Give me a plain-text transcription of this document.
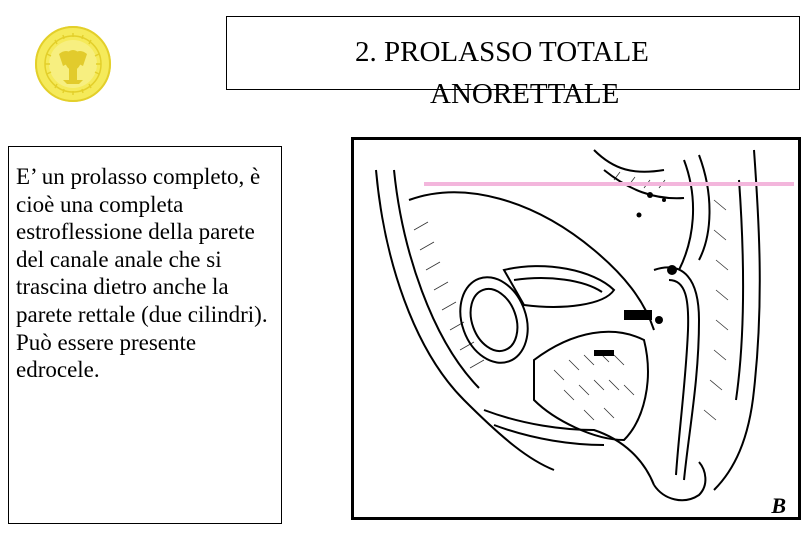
2. PROLASSO TOTALE
ANORETTALE
E’ un prolasso completo, è cioè una completa estroflessione della parete del canale anale che si trascina dietro anche la parete rettale (due cilindri). Può essere presente edrocele.
B
